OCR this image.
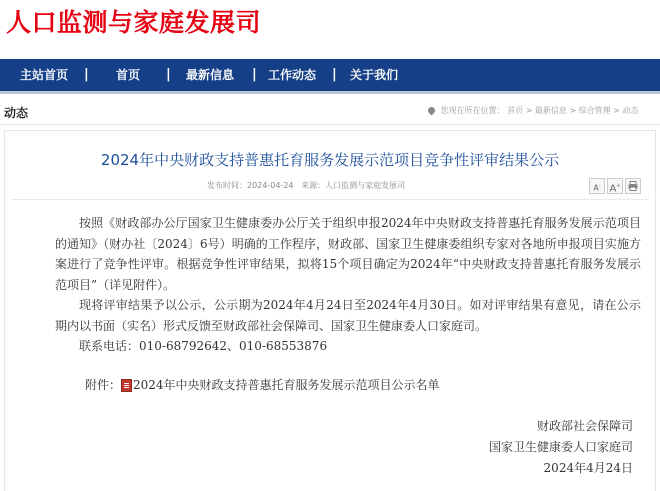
人口监测与家庭发展司
主站首页 | 首页 | 最新信息 | 工作动态 | 关于我们
动态	您现在所在位置： 首页 > 最新信息 > 综合管理 > 动态
2024年中央财政支持普惠托育服务发展示范项目竞争性评审结果公示
发布时间：2024-04-24 来源：人口监测与家庭发展司	A- A+

按照《财政部办公厅国家卫生健康委办公厅关于组织申报2024年中央财政支持普惠托育服务发展示范项目的通知》（财办社〔2024〕6号）明确的工作程序，财政部、国家卫生健康委组织专家对各地所申报项目实施方案进行了竞争性评审。根据竞争性评审结果，拟将15个项目确定为2024年“中央财政支持普惠托育服务发展示范项目”（详见附件）。

现将评审结果予以公示，公示期为2024年4月24日至2024年4月30日。如对评审结果有意见，请在公示期内以书面（实名）形式反馈至财政部社会保障司、国家卫生健康委人口家庭司。

联系电话：010-68792642、010-68553876

附件： 2024年中央财政支持普惠托育服务发展示范项目公示名单
财政部社会保障司
国家卫生健康委人口家庭司
2024年4月24日
